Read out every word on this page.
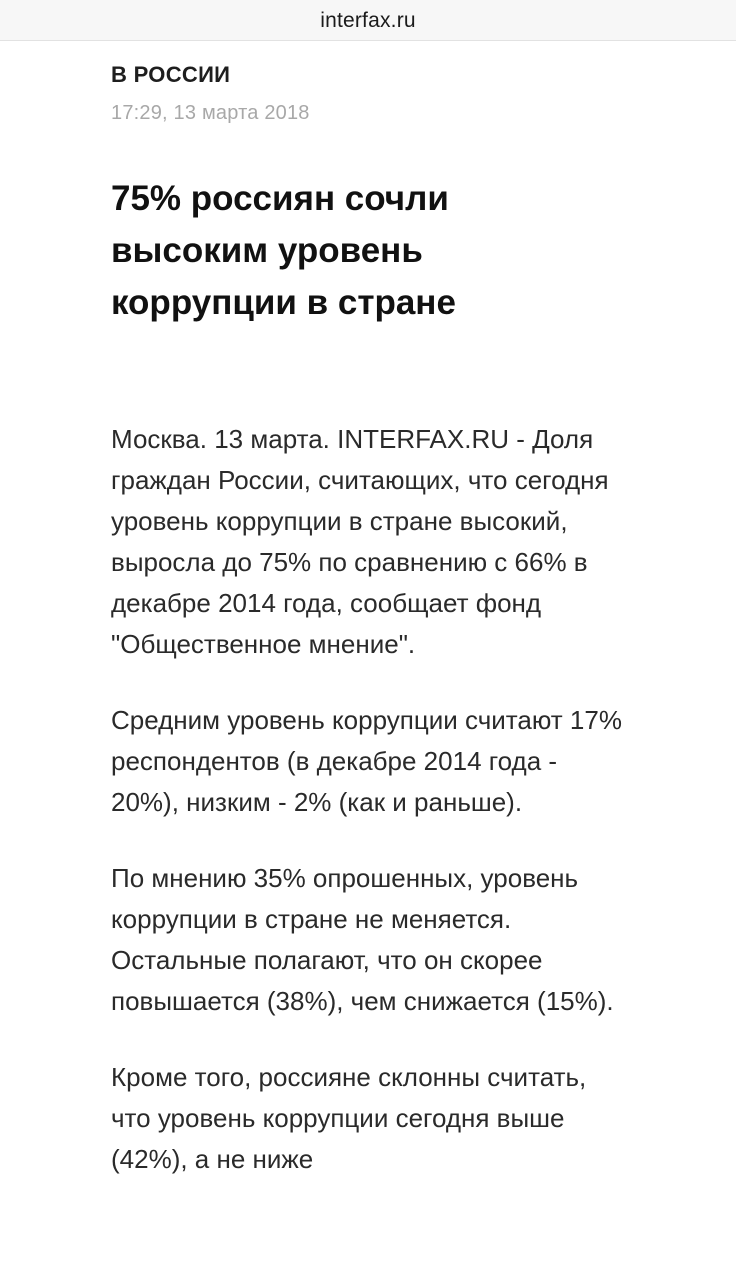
interfax.ru
В РОССИИ
17:29, 13 марта 2018
75% россиян сочли высоким уровень коррупции в стране

Москва. 13 марта. INTERFAX.RU - Доля граждан России, считающих, что сегодня уровень коррупции в стране высокий, выросла до 75% по сравнению с 66% в декабре 2014 года, сообщает фонд "Общественное мнение".

Средним уровень коррупции считают 17% респондентов (в декабре 2014 года - 20%), низким - 2% (как и раньше).

По мнению 35% опрошенных, уровень коррупции в стране не меняется. Остальные полагают, что он скорее повышается (38%), чем снижается (15%).

Кроме того, россияне склонны считать, что уровень коррупции сегодня выше (42%), а не ниже
